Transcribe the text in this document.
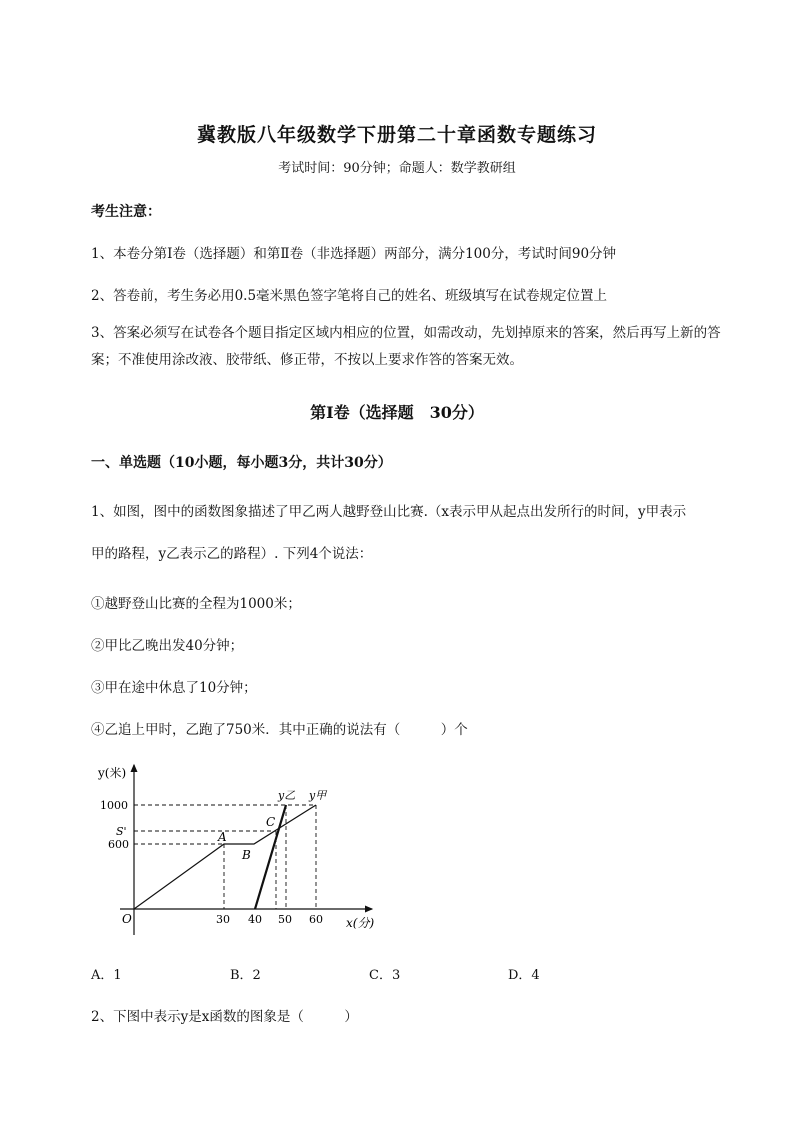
冀教版八年级数学下册第二十章函数专题练习
考试时间：90分钟；命题人：数学教研组
考生注意：
1、本卷分第I卷（选择题）和第Ⅱ卷（非选择题）两部分，满分100分，考试时间90分钟
2、答卷前，考生务必用0.5毫米黑色签字笔将自己的姓名、班级填写在试卷规定位置上
3、答案必须写在试卷各个题目指定区域内相应的位置，如需改动，先划掉原来的答案，然后再写上新的答案；不准使用涂改液、胶带纸、修正带，不按以上要求作答的答案无效。
第I卷（选择题　30分）
一、单选题（10小题，每小题3分，共计30分）
1、如图，图中的函数图象描述了甲乙两人越野登山比赛.（x表示甲从起点出发所行的时间，y甲表示
甲的路程，y乙表示乙的路程）. 下列4个说法：
①越野登山比赛的全程为1000米；
②甲比乙晚出发40分钟；
③甲在途中休息了10分钟；
④乙追上甲时，乙跑了750米．其中正确的说法有（　　　）个
y(米)
x(分)
O
1000
S'
600
30 40 50 60
A
B
C
y乙 y甲
A．1	B．2	C．3	D．4
2、下图中表示y是x函数的图象是（　　　）
